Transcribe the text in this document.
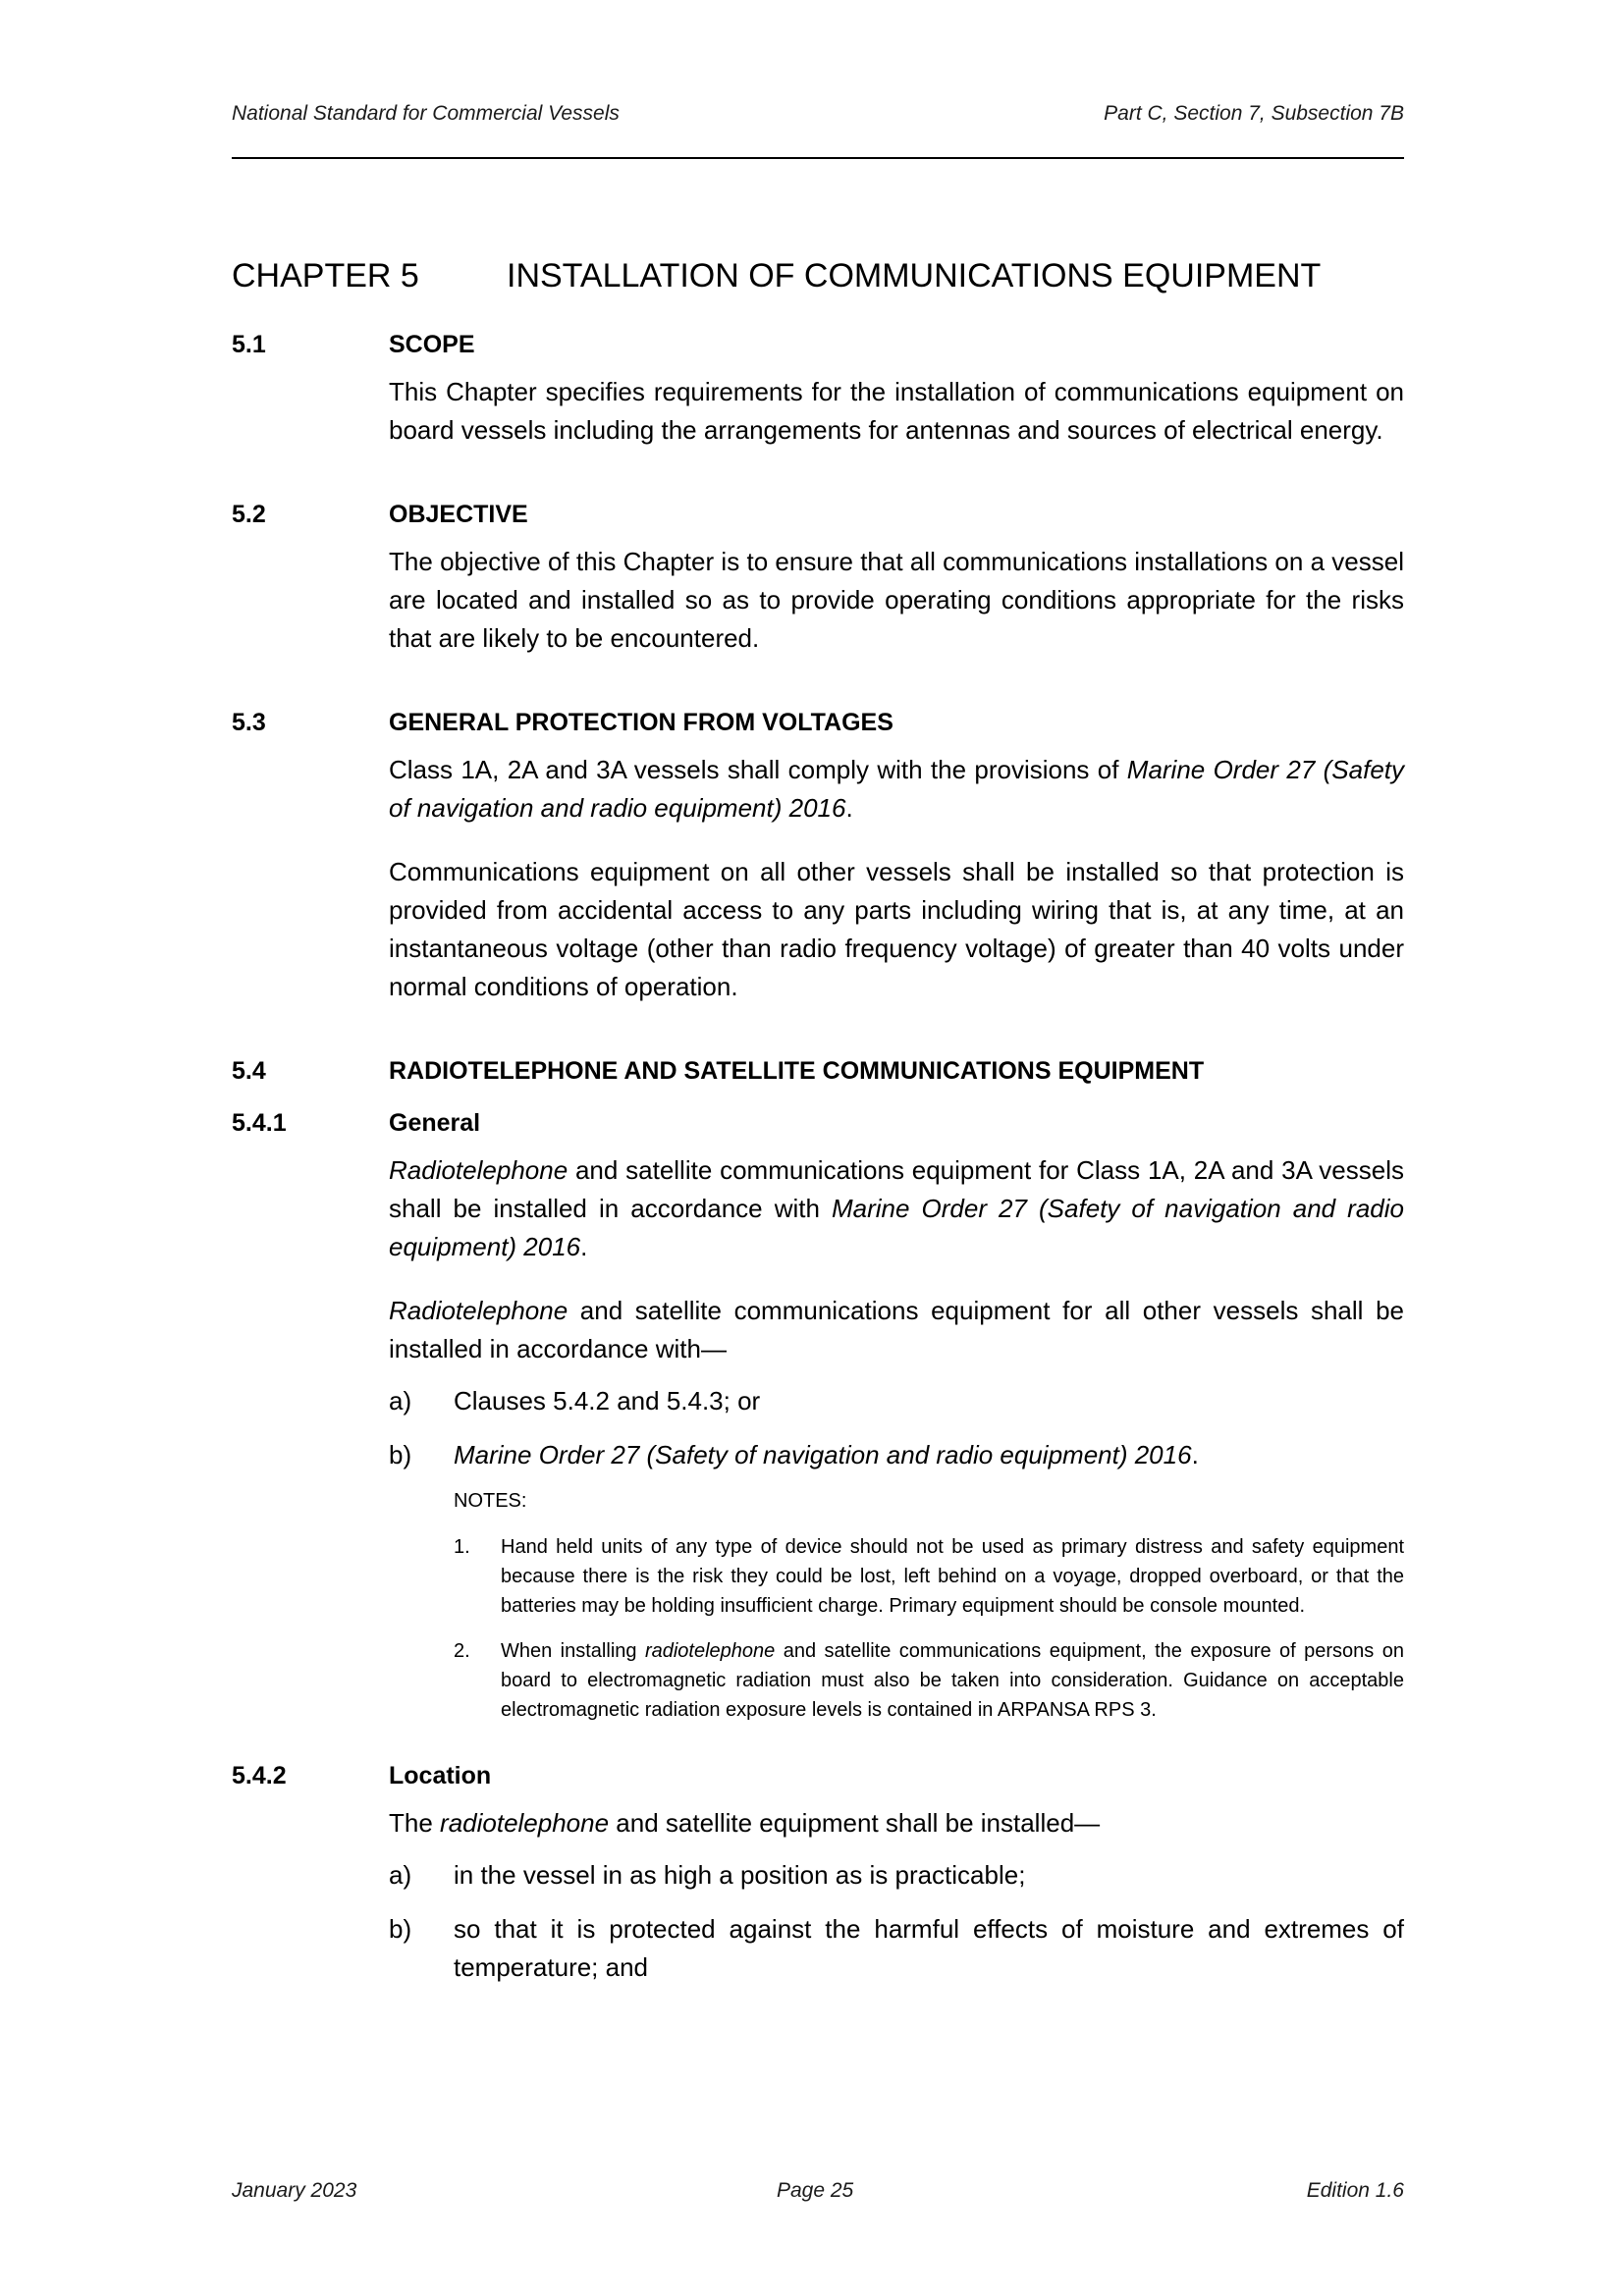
National Standard for Commercial Vessels	Part C, Section 7, Subsection 7B
CHAPTER 5	INSTALLATION OF COMMUNICATIONS EQUIPMENT
5.1	SCOPE

This Chapter specifies requirements for the installation of communications equipment on board vessels including the arrangements for antennas and sources of electrical energy.

5.2	OBJECTIVE

The objective of this Chapter is to ensure that all communications installations on a vessel are located and installed so as to provide operating conditions appropriate for the risks that are likely to be encountered.

5.3	GENERAL PROTECTION FROM VOLTAGES

Class 1A, 2A and 3A vessels shall comply with the provisions of Marine Order 27 (Safety of navigation and radio equipment) 2016.

Communications equipment on all other vessels shall be installed so that protection is provided from accidental access to any parts including wiring that is, at any time, at an instantaneous voltage (other than radio frequency voltage) of greater than 40 volts under normal conditions of operation.

5.4	RADIOTELEPHONE AND SATELLITE COMMUNICATIONS EQUIPMENT
5.4.1	General

Radiotelephone and satellite communications equipment for Class 1A, 2A and 3A vessels shall be installed in accordance with Marine Order 27 (Safety of navigation and radio equipment) 2016.

Radiotelephone and satellite communications equipment for all other vessels shall be installed in accordance with—

a)	Clauses 5.4.2 and 5.4.3; or
b)	Marine Order 27 (Safety of navigation and radio equipment) 2016.
NOTES:
1.	Hand held units of any type of device should not be used as primary distress and safety equipment because there is the risk they could be lost, left behind on a voyage, dropped overboard, or that the batteries may be holding insufficient charge. Primary equipment should be console mounted.
2.	When installing radiotelephone and satellite communications equipment, the exposure of persons on board to electromagnetic radiation must also be taken into consideration. Guidance on acceptable electromagnetic radiation exposure levels is contained in ARPANSA RPS 3.
5.4.2	Location

The radiotelephone and satellite equipment shall be installed—

a)	in the vessel in as high a position as is practicable;
b)	so that it is protected against the harmful effects of moisture and extremes of temperature; and
January 2023	Page 25	Edition 1.6
